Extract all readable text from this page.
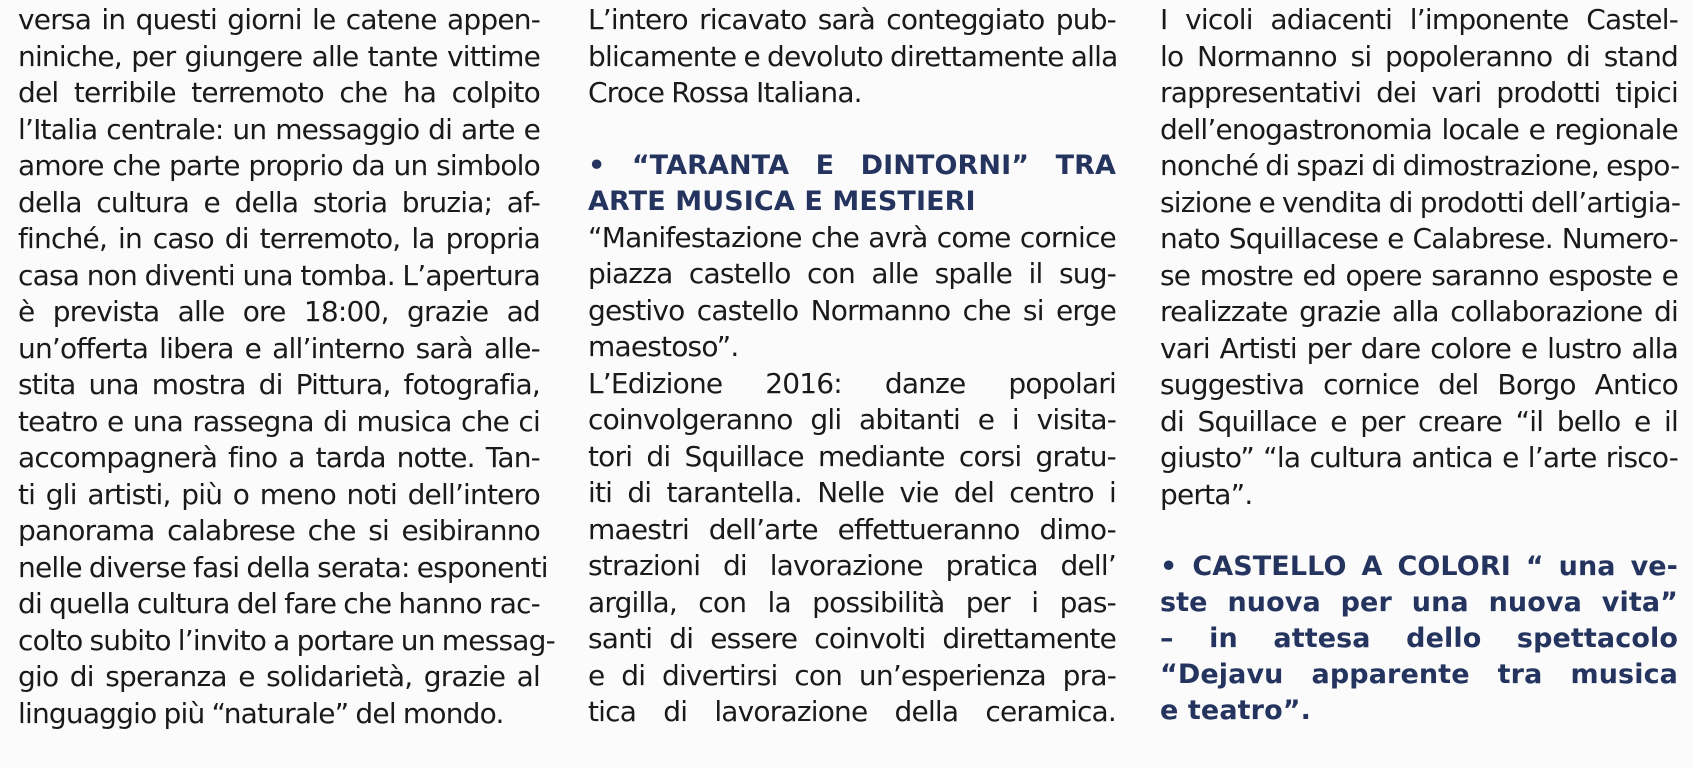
versa in questi giorni le catene appen-
niniche, per giungere alle tante vittime
del terribile terremoto che ha colpito
l’Italia centrale: un messaggio di arte e
amore che parte proprio da un simbolo
della cultura e della storia bruzia; af-
finché, in caso di terremoto, la propria
casa non diventi una tomba. L’apertura
è prevista alle ore 18:00, grazie ad
un’offerta libera e all’interno sarà alle-
stita una mostra di Pittura, fotografia,
teatro e una rassegna di musica che ci
accompagnerà fino a tarda notte. Tan-
ti gli artisti, più o meno noti dell’intero
panorama calabrese che si esibiranno
nelle diverse fasi della serata: esponenti
di quella cultura del fare che hanno rac-
colto subito l’invito a portare un messag-
gio di speranza e solidarietà, grazie al
linguaggio più “naturale” del mondo.
L’intero ricavato sarà conteggiato pub-
blicamente e devoluto direttamente alla
Croce Rossa Italiana.
• “TARANTA E DINTORNI” TRA
ARTE MUSICA E MESTIERI
“Manifestazione che avrà come cornice
piazza castello con alle spalle il sug-
gestivo castello Normanno che si erge
maestoso”.
L’Edizione 2016: danze popolari
coinvolgeranno gli abitanti e i visita-
tori di Squillace mediante corsi gratu-
iti di tarantella. Nelle vie del centro i
maestri dell’arte effettueranno dimo-
strazioni di lavorazione pratica dell’
argilla, con la possibilità per i pas-
santi di essere coinvolti direttamente
e di divertirsi con un’esperienza pra-
tica di lavorazione della ceramica.
I vicoli adiacenti l’imponente Castel-
lo Normanno si popoleranno di stand
rappresentativi dei vari prodotti tipici
dell’enogastronomia locale e regionale
nonché di spazi di dimostrazione, espo-
sizione e vendita di prodotti dell’artigia-
nato Squillacese e Calabrese. Numero-
se mostre ed opere saranno esposte e
realizzate grazie alla collaborazione di
vari Artisti per dare colore e lustro alla
suggestiva cornice del Borgo Antico
di Squillace e per creare “il bello e il
giusto” “la cultura antica e l’arte risco-
perta”.
• CASTELLO A COLORI “ una ve-
ste nuova per una nuova vita”
– in attesa dello spettacolo
“Dejavu apparente tra musica
e teatro”.
